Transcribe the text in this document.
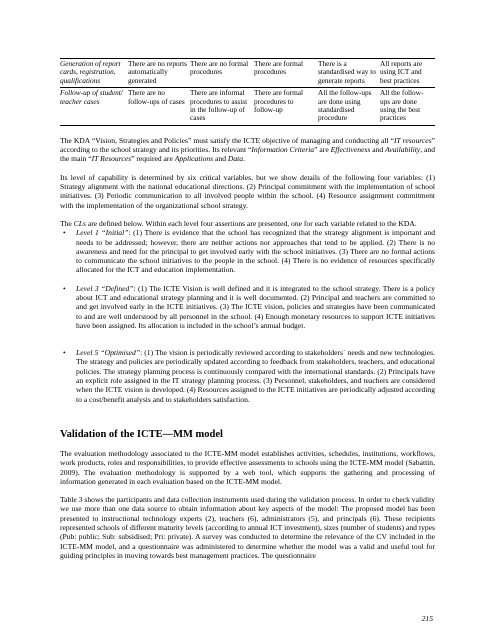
Generation of report cards, registration, qualifications	There are no reports automatically generated	There are no formal procedures	There are formal procedures	There is a standardised way to generate reports	All reports are using ICT and best practices
Follow-up of student/ teacher cases	There are no follow-ups of cases	There are informal procedures to assist in the follow-up of cases	There are formal procedures to follow-up	All the follow-ups are done using standardised procedure	All the follow-ups are done using the best practices

The KDA “Vision, Strategies and Policies” must satisfy the ICTE objective of managing and conducting all “IT resources” according to the school strategy and its priorities. Its relevant “Information Criteria” are Effectiveness and Availability, and the main “IT Resources” required are Applications and Data.

Its level of capability is determined by six critical variables, but we show details of the following four variables: (1) Strategy alignment with the national educational directions. (2) Principal commitment with the implementation of school initiatives. (3) Periodic communication to all involved people within the school. (4) Resource assignment commitment with the implementation of the organizational school strategy.

The CLs are defined below. Within each level four assertions are presented, one for each variable related to the KDA.

• Level 1 “Initial”: (1) There is evidence that the school has recognized that the strategy alignment is important and needs to be addressed; however, there are neither actions nor approaches that tend to be applied. (2) There is no awareness and need for the principal to get involved early with the school initiatives. (3) There are no formal actions to communicate the school initiatives to the people in the school. (4) There is no evidence of resources specifically allocated for the ICT and education implementation.
• Level 3 “Defined”: (1) The ICTE Vision is well defined and it is integrated to the school strategy. There is a policy about ICT and educational strategy planning and it is well documented. (2) Principal and teachers are committed to and get involved early in the ICTE initiatives. (3) The ICTE vision, policies and strategies have been communicated to and are well understood by all personnel in the school. (4) Enough monetary resources to support ICTE initiatives have been assigned. Its allocation is included in the school’s annual budget.
• Level 5 “Optimised”: (1) The vision is periodically reviewed according to stakeholders` needs and new technologies. The strategy and policies are periodically updated according to feedback from stakeholders, teachers, and educational policies. The strategy planning process is continuously compared with the international standards. (2) Principals have an explicit role assigned in the IT strategy planning process. (3) Personnel, stakeholders, and teachers are considered when the ICTE vision is developed. (4) Resources assigned to the ICTE initiatives are periodically adjusted according to a cost/benefit analysis and to stakeholders satisfaction.
Validation of the ICTE—MM model

The evaluation methodology associated to the ICTE-MM model establishes activities, schedules, institutions, workflows, work products, roles and responsibilities, to provide effective assessments to schools using the ICTE-MM model (Sabattin, 2009). The evaluation methodology is supported by a web tool, which supports the gathering and processing of information generated in each evaluation based on the ICTE-MM model.

Table 3 shows the participants and data collection instruments used during the validation process. In order to check validity we use more than one data source to obtain information about key aspects of the model: The proposed model has been presented to instructional technology experts (2), teachers (6), administrators (5), and principals (6). These recipients represented schools of different maturity levels (according to annual ICT investment), sizes (number of students) and types (Pub: public; Sub: subsidised; Pri: private). A survey was conducted to determine the relevance of the CV included in the ICTE-MM model, and a questionnaire was administered to determine whether the model was a valid and useful tool for guiding principles in moving towards best management practices. The questionnaire

215
